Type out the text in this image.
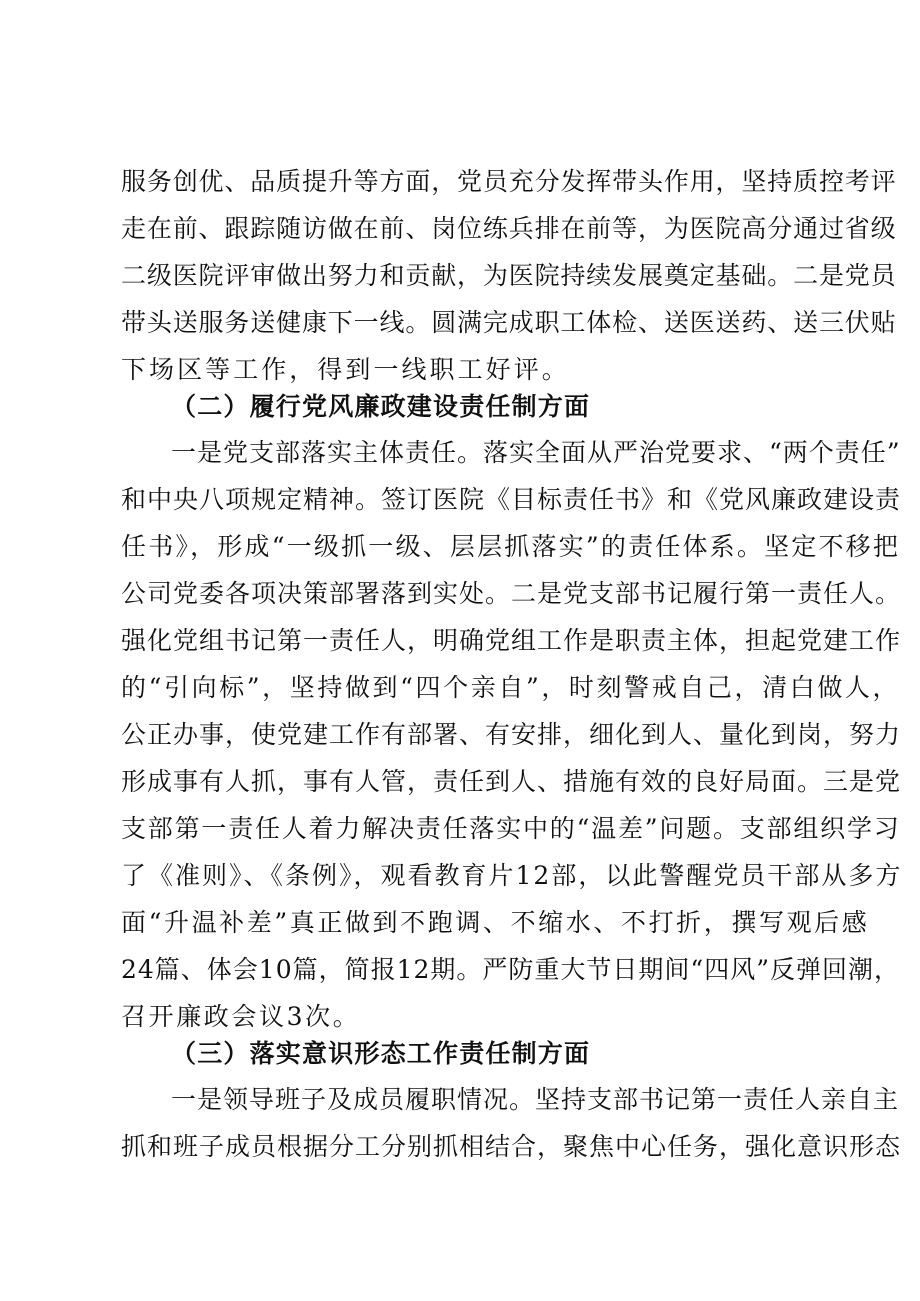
服务创优、品质提升等方面，党员充分发挥带头作用，坚持质控考评
走在前、跟踪随访做在前、岗位练兵排在前等，为医院高分通过省级
二级医院评审做出努力和贡献，为医院持续发展奠定基础。二是党员
带头送服务送健康下一线。圆满完成职工体检、送医送药、送三伏贴
下场区等工作，得到一线职工好评。
（二）履行党风廉政建设责任制方面
一是党支部落实主体责任。落实全面从严治党要求、“两个责任”
和中央八项规定精神。签订医院《目标责任书》和《党风廉政建设责
任书》，形成“一级抓一级、层层抓落实”的责任体系。坚定不移把
公司党委各项决策部署落到实处。二是党支部书记履行第一责任人。
强化党组书记第一责任人，明确党组工作是职责主体，担起党建工作
的“引向标”，坚持做到“四个亲自”，时刻警戒自己，清白做人，
公正办事，使党建工作有部署、有安排，细化到人、量化到岗，努力
形成事有人抓，事有人管，责任到人、措施有效的良好局面。三是党
支部第一责任人着力解决责任落实中的“温差”问题。支部组织学习
了《准则》、《条例》，观看教育片12部，以此警醒党员干部从多方
面“升温补差”真正做到不跑调、不缩水、不打折，撰写观后感
24篇、体会10篇，简报12期。严防重大节日期间“四风”反弹回潮，
召开廉政会议3次。
（三）落实意识形态工作责任制方面
一是领导班子及成员履职情况。坚持支部书记第一责任人亲自主
抓和班子成员根据分工分别抓相结合，聚焦中心任务，强化意识形态
